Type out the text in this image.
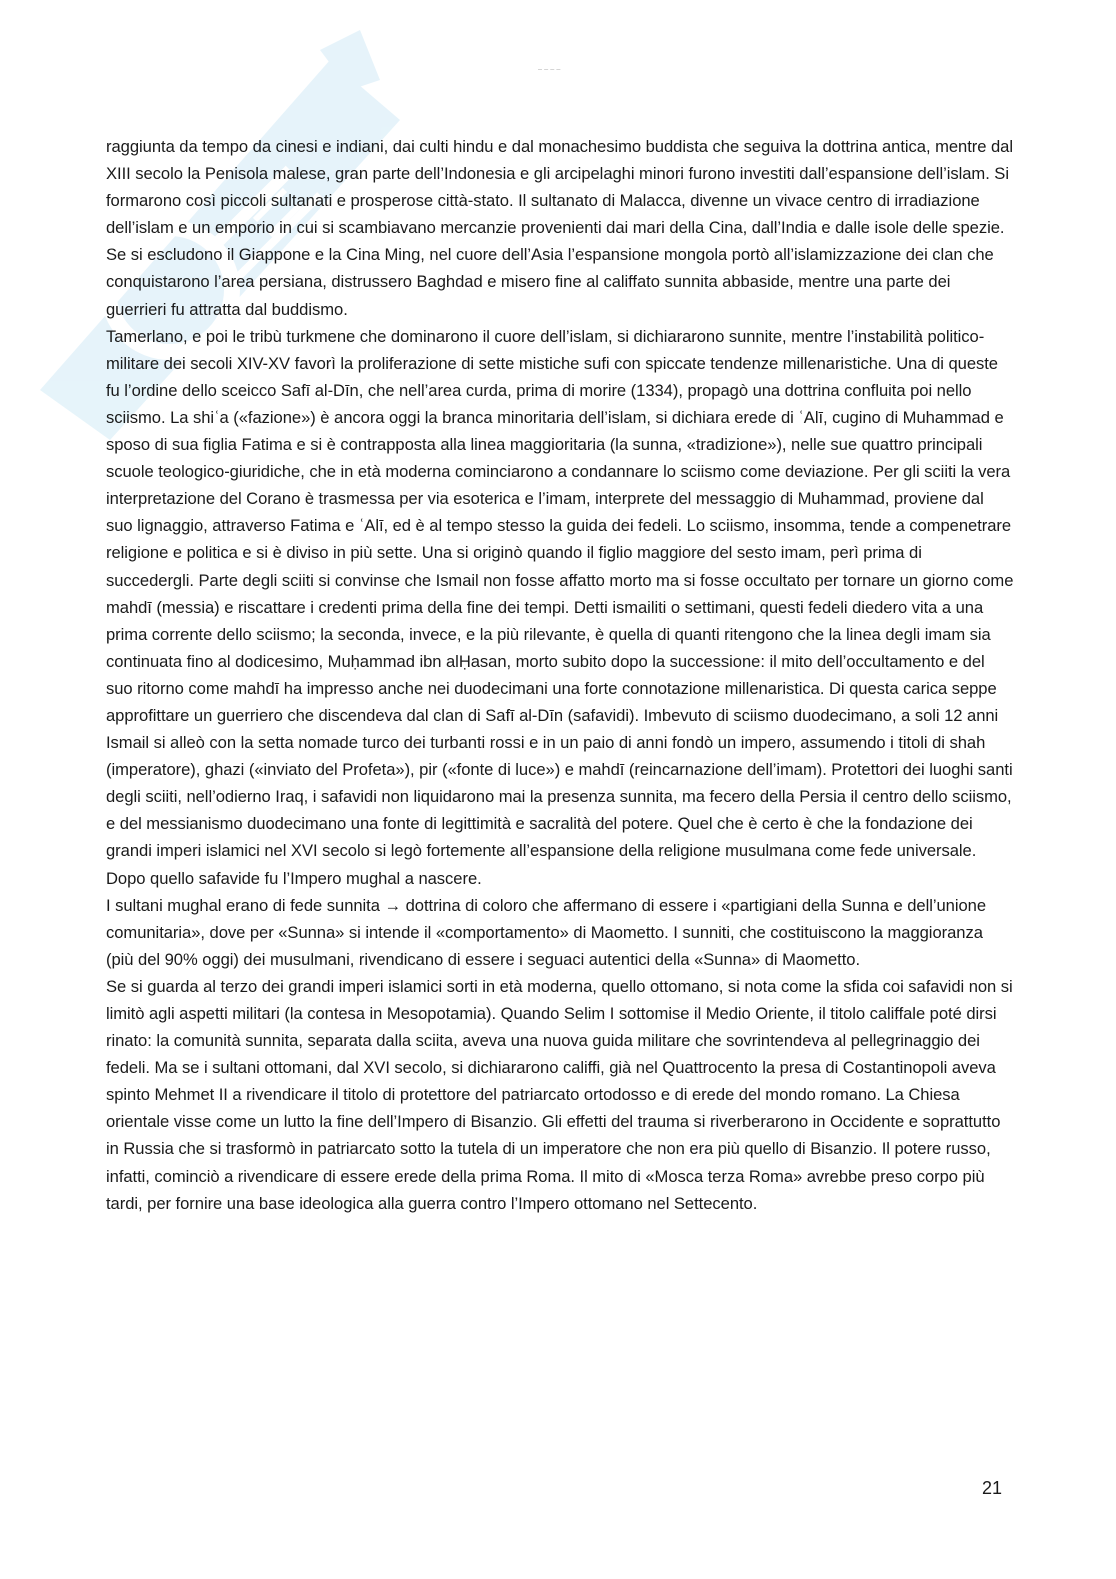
— — — —

raggiunta da tempo da cinesi e indiani, dai culti hindu e dal monachesimo buddista che seguiva la dottrina antica, mentre dal XIII secolo la Penisola malese, gran parte dell’Indonesia e gli arcipelaghi minori furono investiti dall’espansione dell’islam. Si formarono così piccoli sultanati e prosperose città-stato. Il sultanato di Malacca, divenne un vivace centro di irradiazione dell’islam e un emporio in cui si scambiavano mercanzie provenienti dai mari della Cina, dall’India e dalle isole delle spezie. Se si escludono il Giappone e la Cina Ming, nel cuore dell’Asia l’espansione mongola portò all’islamizzazione dei clan che conquistarono l’area persiana, distrussero Baghdad e misero fine al califfato sunnita abbaside, mentre una parte dei guerrieri fu attratta dal buddismo.

Tamerlano, e poi le tribù turkmene che dominarono il cuore dell’islam, si dichiararono sunnite, mentre l’instabilità politico-militare dei secoli XIV-XV favorì la proliferazione di sette mistiche sufi con spiccate tendenze millenaristiche. Una di queste fu l’ordine dello sceicco Safī al-Dīn, che nell’area curda, prima di morire (1334), propagò una dottrina confluita poi nello sciismo. La shiʿa («fazione») è ancora oggi la branca minoritaria dell’islam, si dichiara erede di ʿAlī, cugino di Muhammad e sposo di sua figlia Fatima e si è contrapposta alla linea maggioritaria (la sunna, «tradizione»), nelle sue quattro principali scuole teologico-giuridiche, che in età moderna cominciarono a condannare lo sciismo come deviazione. Per gli sciiti la vera interpretazione del Corano è trasmessa per via esoterica e l’imam, interprete del messaggio di Muhammad, proviene dal suo lignaggio, attraverso Fatima e ʿAlī, ed è al tempo stesso la guida dei fedeli. Lo sciismo, insomma, tende a compenetrare religione e politica e si è diviso in più sette. Una si originò quando il figlio maggiore del sesto imam, perì prima di succedergli. Parte degli sciiti si convinse che Ismail non fosse affatto morto ma si fosse occultato per tornare un giorno come mahdī (messia) e riscattare i credenti prima della fine dei tempi. Detti ismailiti o settimani, questi fedeli diedero vita a una prima corrente dello sciismo; la seconda, invece, e la più rilevante, è quella di quanti ritengono che la linea degli imam sia continuata fino al dodicesimo, Muḥammad ibn alḤasan, morto subito dopo la successione: il mito dell’occultamento e del suo ritorno come mahdī ha impresso anche nei duodecimani una forte connotazione millenaristica. Di questa carica seppe approfittare un guerriero che discendeva dal clan di Safī al-Dīn (safavidi). Imbevuto di sciismo duodecimano, a soli 12 anni Ismail si alleò con la setta nomade turco dei turbanti rossi e in un paio di anni fondò un impero, assumendo i titoli di shah (imperatore), ghazi («inviato del Profeta»), pir («fonte di luce») e mahdī (reincarnazione dell’imam). Protettori dei luoghi santi degli sciiti, nell’odierno Iraq, i safavidi non liquidarono mai la presenza sunnita, ma fecero della Persia il centro dello sciismo, e del messianismo duodecimano una fonte di legittimità e sacralità del potere. Quel che è certo è che la fondazione dei grandi imperi islamici nel XVI secolo si legò fortemente all’espansione della religione musulmana come fede universale. Dopo quello safavide fu l’Impero mughal a nascere.

I sultani mughal erano di fede sunnita → dottrina di coloro che affermano di essere i «partigiani della Sunna e dell’unione comunitaria», dove per «Sunna» si intende il «comportamento» di Maometto. I sunniti, che costituiscono la maggioranza (più del 90% oggi) dei musulmani, rivendicano di essere i seguaci autentici della «Sunna» di Maometto.

Se si guarda al terzo dei grandi imperi islamici sorti in età moderna, quello ottomano, si nota come la sfida coi safavidi non si limitò agli aspetti militari (la contesa in Mesopotamia). Quando Selim I sottomise il Medio Oriente, il titolo califfale poté dirsi rinato: la comunità sunnita, separata dalla sciita, aveva una nuova guida militare che sovrintendeva al pellegrinaggio dei fedeli. Ma se i sultani ottomani, dal XVI secolo, si dichiararono califfi, già nel Quattrocento la presa di Costantinopoli aveva spinto Mehmet II a rivendicare il titolo di protettore del patriarcato ortodosso e di erede del mondo romano. La Chiesa orientale visse come un lutto la fine dell’Impero di Bisanzio. Gli effetti del trauma si riverberarono in Occidente e soprattutto in Russia che si trasformò in patriarcato sotto la tutela di un imperatore che non era più quello di Bisanzio. Il potere russo, infatti, cominciò a rivendicare di essere erede della prima Roma. Il mito di «Mosca terza Roma» avrebbe preso corpo più tardi, per fornire una base ideologica alla guerra contro l’Impero ottomano nel Settecento.

21
